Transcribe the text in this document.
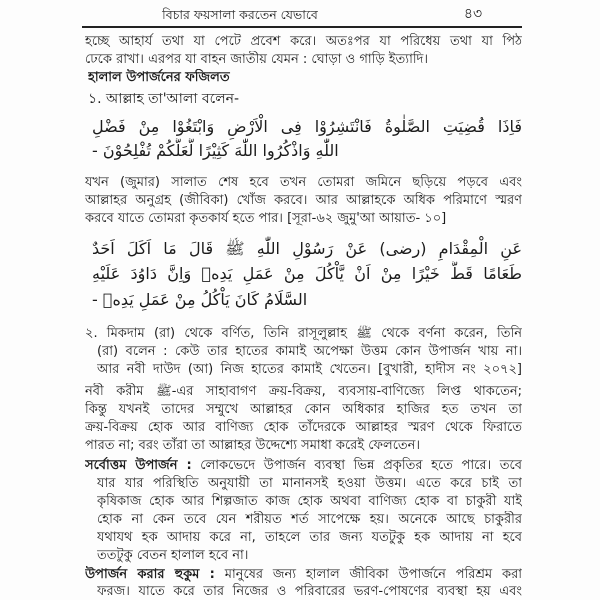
বিচার ফয়সালা করতেন যেভাবে	৪৩
হচ্ছে আহার্য তথা যা পেটে প্রবেশ করে। অতঃপর যা পরিধেয় তথা যা পিঠ
ঢেকে রাখা। এরপর যা বাহন জাতীয় যেমন : ঘোড়া ও গাড়ি ইত্যাদি।
হালাল উপার্জনের ফজিলত
১. আল্লাহ তা'আলা বলেন-
فَاِذَا قُضِيَتِ الصَّلٰوةُ فَانْتَشِرُوْا فِى الْاَرْضِ وَابْتَغُوْا مِنْ فَضْلِ
اللّٰهِ وَاذْكُرُوا اللّٰهَ كَثِيْرًا لَّعَلَّكُمْ تُفْلِحُوْنَ -
যখন (জুমার) সালাত শেষ হবে তখন তোমরা জমিনে ছড়িয়ে পড়বে এবং
আল্লাহর অনুগ্রহ (জীবিকা) খোঁজ করবে। আর আল্লাহকে অধিক পরিমাণে স্মরণ
করবে যাতে তোমরা কৃতকার্য হতে পার। [সূরা-৬২ জুমু'আ আয়াত- ১০]
عَنِ الْمِقْدَامِ (رضى) عَنْ رَسُوْلِ اللّٰهِ ﷺ قَالَ مَا اَكَلَ اَحَدٌ
طَعَامًا قَطُّ خَيْرًا مِنْ اَنْ يَّاْكُلَ مِنْ عَمَلِ يَدِهٖ وَاِنَّ دَاوُدَ عَلَيْهِ
السَّلَامُ كَانَ يَاْكُلُ مِنْ عَمَلِ يَدِهٖ -
২. মিকদাম (রা) থেকে বর্ণিত, তিনি রাসূলুল্লাহ ﷺ থেকে বর্ণনা করেন, তিনি
(রা) বলেন : কেউ তার হাতের কামাই অপেক্ষা উত্তম কোন উপার্জন খায় না।
আর নবী দাউদ (আ) নিজ হাতের কামাই খেতেন। [বুখারী, হাদীস নং ২০৭২]
নবী করীম ﷺ-এর সাহাবাগণ ক্রয়-বিক্রয়, ব্যবসায়-বাণিজ্যে লিপ্ত থাকতেন;
কিন্তু যখনই তাদের সম্মুখে আল্লাহর কোন অধিকার হাজির হত তখন তা
ক্রয়-বিক্রয় হোক আর বাণিজ্য হোক তাঁদেরকে আল্লাহর স্মরণ থেকে ফিরাতে
পারত না; বরং তাঁরা তা আল্লাহর উদ্দেশ্যে সমাধা করেই ফেলতেন।
সর্বোত্তম উপার্জন : লোকভেদে উপার্জন ব্যবস্থা ভিন্ন প্রকৃতির হতে পারে। তবে
যার যার পরিস্থিতি অনুযায়ী তা মানানসই হওয়া উত্তম। এতে করে চাই তা
কৃষিকাজ হোক আর শিল্পজাত কাজ হোক অথবা বাণিজ্য হোক বা চাকুরী যাই
হোক না কেন তবে যেন শরীয়ত শর্ত সাপেক্ষে হয়। অনেকে আছে চাকুরীর
যথাযথ হক আদায় করে না, তাহলে তার জন্য যতটুকু হক আদায় না হবে
ততটুকু বেতন হালাল হবে না।
উপার্জন করার হুকুম : মানুষের জন্য হালাল জীবিকা উপার্জনে পরিশ্রম করা
ফরজ। যাতে করে তার নিজের ও পরিবারের ভরণ-পোষণের ব্যবস্থা হয় এবং
